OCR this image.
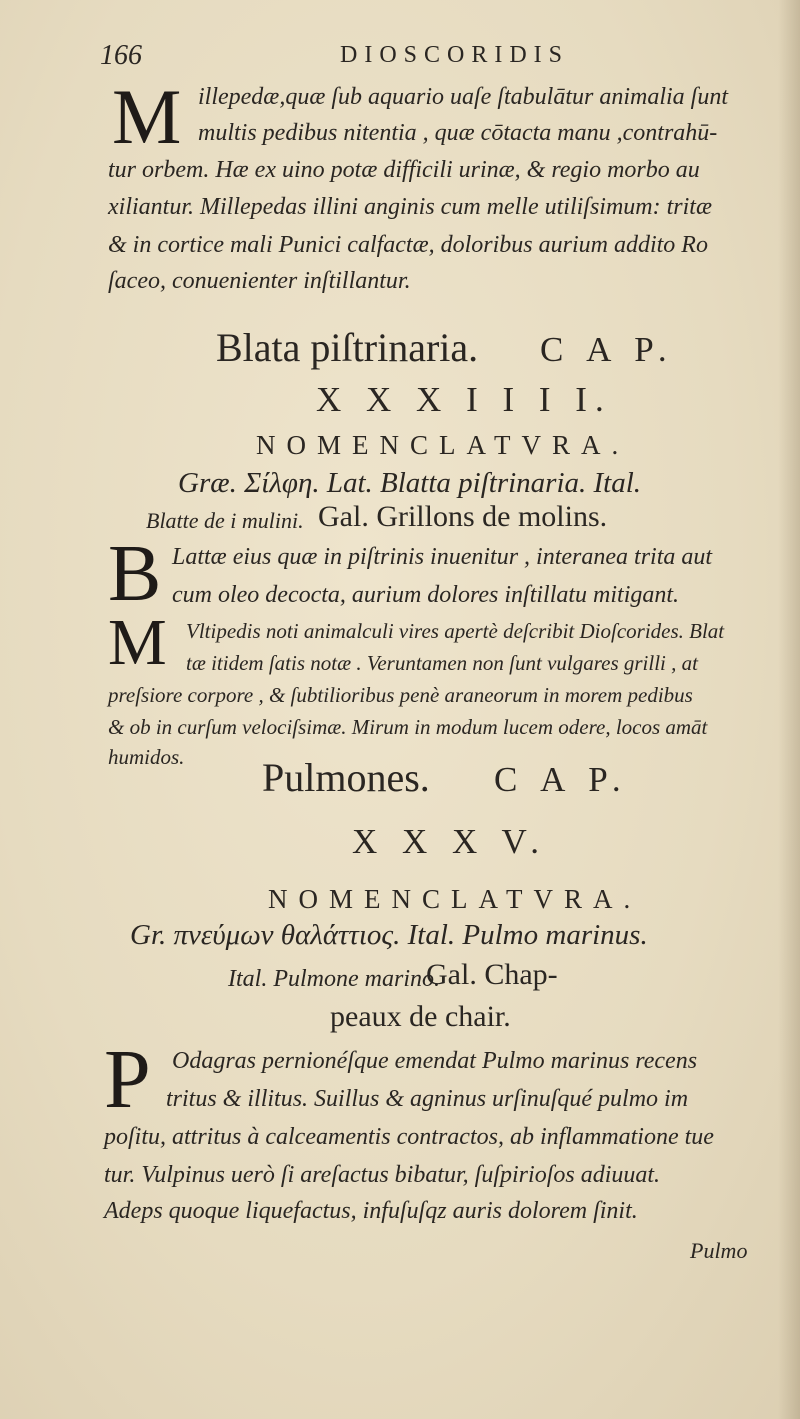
166	DIOSCORIDIS
M illepedæ,quæ ſub aquario uaſe ſtabulātur animalia ſunt
multis pedibus nitentia , quæ cōtacta manu ,contrahū-
tur orbem. Hæ ex uino potæ difficili urinæ, & regio morbo au
xiliantur. Millepedas illini anginis cum melle utiliſsimum: tritæ
& in cortice mali Punici calfactæ, doloribus aurium addito Ro
ſaceo, conuenienter inſtillantur.
Blata piſtrinaria. C A P.
X X X I I I I.
NOMENCLATVRA.
Græ. Σίλφη. Lat. Blatta piſtrinaria. Ital.
Blatte de i mulini. Gal. Grillons de molins.
B Lattæ eius quæ in piſtrinis inuenitur , interanea trita aut
cum oleo decocta, aurium dolores inſtillatu mitigant.
M Vltipedis noti animalculi vires apertè deſcribit Dioſcorides. Blat
tæ itidem ſatis notæ . Veruntamen non ſunt vulgares grilli , at
preſsiore corpore , & ſubtilioribus penè araneorum in morem pedibus
& ob in curſum velociſsimæ. Mirum in modum lucem odere, locos amāt
humidos. Pulmones. C A P.
X X X V.
NOMENCLATVRA.
Gr. πνεύμων θαλάττιος. Ital. Pulmo marinus.
Ital. Pulmone marino.
Gal. Chap-
peaux de chair.
P Odagras pernionéſque emendat Pulmo marinus recens
tritus & illitus. Suillus & agninus urſinuſqué pulmo im
poſitu, attritus à calceamentis contractos, ab inflammatione tue
tur. Vulpinus uerò ſi areſactus bibatur, ſuſpirioſos adiuuat.
Adeps quoque liquefactus, infuſuſqz auris dolorem ſinit.
Pulmo
